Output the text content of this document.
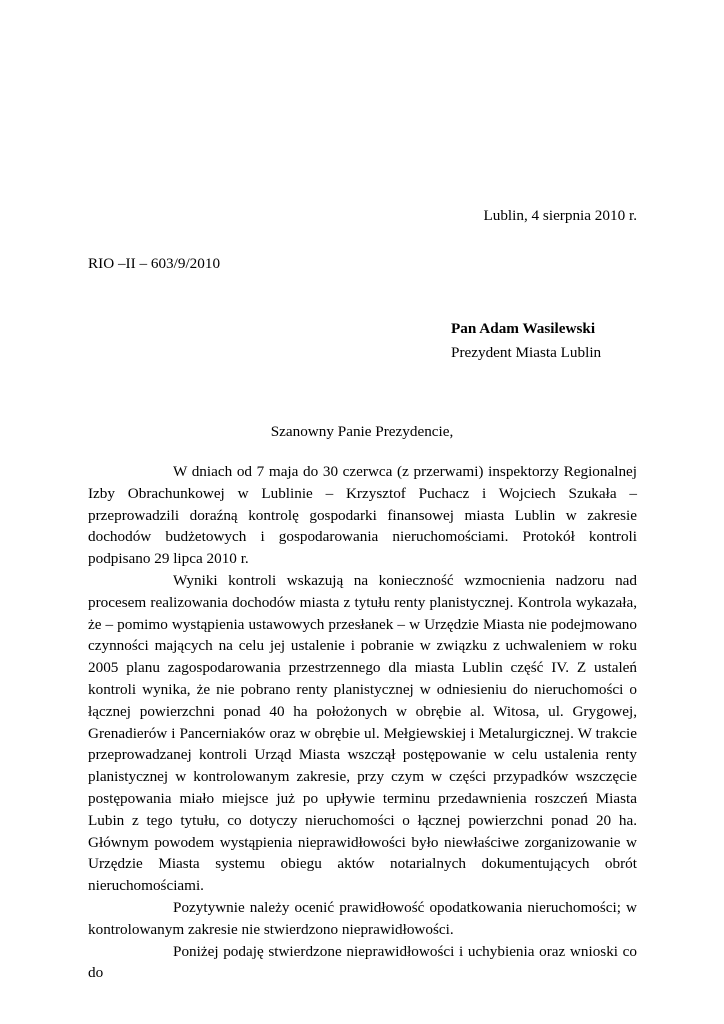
Lublin, 4 sierpnia 2010 r.
RIO –II – 603/9/2010
Pan Adam Wasilewski
Prezydent Miasta Lublin
Szanowny Panie Prezydencie,

W dniach od 7 maja do 30 czerwca (z przerwami) inspektorzy Regionalnej Izby Obrachunkowej w Lublinie – Krzysztof Puchacz i Wojciech Szukała – przeprowadzili doraźną kontrolę gospodarki finansowej miasta Lublin w zakresie dochodów budżetowych i gospodarowania nieruchomościami. Protokół kontroli podpisano 29 lipca 2010 r.

Wyniki kontroli wskazują na konieczność wzmocnienia nadzoru nad procesem realizowania dochodów miasta z tytułu renty planistycznej. Kontrola wykazała, że – pomimo wystąpienia ustawowych przesłanek – w Urzędzie Miasta nie podejmowano czynności mających na celu jej ustalenie i pobranie w związku z uchwaleniem w roku 2005 planu zagospodarowania przestrzennego dla miasta Lublin część IV. Z ustaleń kontroli wynika, że nie pobrano renty planistycznej w odniesieniu do nieruchomości o łącznej powierzchni ponad 40 ha położonych w obrębie al. Witosa, ul. Grygowej, Grenadierów i Pancerniaków oraz w obrębie ul. Mełgiewskiej i Metalurgicznej. W trakcie przeprowadzanej kontroli Urząd Miasta wszczął postępowanie w celu ustalenia renty planistycznej w kontrolowanym zakresie, przy czym w części przypadków wszczęcie postępowania miało miejsce już po upływie terminu przedawnienia roszczeń Miasta Lubin z tego tytułu, co dotyczy nieruchomości o łącznej powierzchni ponad 20 ha. Głównym powodem wystąpienia nieprawidłowości było niewłaściwe zorganizowanie w Urzędzie Miasta systemu obiegu aktów notarialnych dokumentujących obrót nieruchomościami.

Pozytywnie należy ocenić prawidłowość opodatkowania nieruchomości; w kontrolowanym zakresie nie stwierdzono nieprawidłowości.

Poniżej podaję stwierdzone nieprawidłowości i uchybienia oraz wnioski co do
